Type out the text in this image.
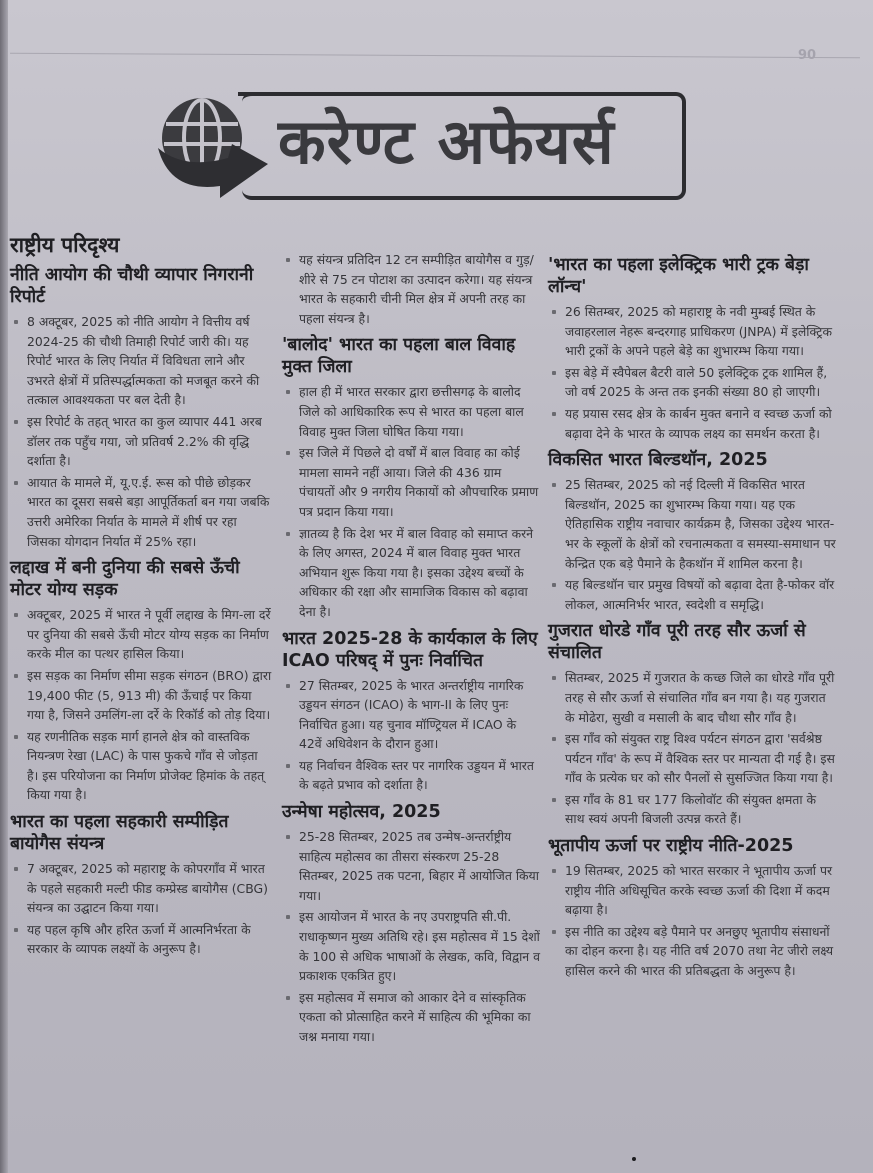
90
करेण्ट अफेयर्स
राष्ट्रीय परिदृश्य
नीति आयोग की चौथी व्यापार निगरानी रिपोर्ट
8 अक्टूबर, 2025 को नीति आयोग ने वित्तीय वर्ष 2024-25 की चौथी तिमाही रिपोर्ट जारी की। यह रिपोर्ट भारत के लिए निर्यात में विविधता लाने और उभरते क्षेत्रों में प्रतिस्पर्द्धात्मकता को मजबूत करने की तत्काल आवश्यकता पर बल देती है।
इस रिपोर्ट के तहत् भारत का कुल व्यापार 441 अरब डॉलर तक पहुँच गया, जो प्रतिवर्ष 2.2% की वृद्धि दर्शाता है।
आयात के मामले में, यू.ए.ई. रूस को पीछे छोड़कर भारत का दूसरा सबसे बड़ा आपूर्तिकर्ता बन गया जबकि उत्तरी अमेरिका निर्यात के मामले में शीर्ष पर रहा जिसका योगदान निर्यात में 25% रहा।
लद्दाख में बनी दुनिया की सबसे ऊँची मोटर योग्य सड़क
अक्टूबर, 2025 में भारत ने पूर्वी लद्दाख के मिग-ला दर्रे पर दुनिया की सबसे ऊँची मोटर योग्य सड़क का निर्माण करके मील का पत्थर हासिल किया।
इस सड़क का निर्माण सीमा सड़क संगठन (BRO) द्वारा 19,400 फीट (5, 913 मी) की ऊँचाई पर किया गया है, जिसने उमलिंग-ला दर्रे के रिकॉर्ड को तोड़ दिया।
यह रणनीतिक सड़क मार्ग हानले क्षेत्र को वास्तविक नियन्त्रण रेखा (LAC) के पास फुकचे गाँव से जोड़ता है। इस परियोजना का निर्माण प्रोजेक्ट हिमांक के तहत् किया गया है।
भारत का पहला सहकारी सम्पीड़ित बायोगैस संयन्त्र
7 अक्टूबर, 2025 को महाराष्ट्र के कोपरगाँव में भारत के पहले सहकारी मल्टी फीड कम्प्रेस्ड बायोगैस (CBG) संयन्त्र का उद्घाटन किया गया।
यह पहल कृषि और हरित ऊर्जा में आत्मनिर्भरता के सरकार के व्यापक लक्ष्यों के अनुरूप है।
यह संयन्त्र प्रतिदिन 12 टन सम्पीड़ित बायोगैस व गुड़/शीरे से 75 टन पोटाश का उत्पादन करेगा। यह संयन्त्र भारत के सहकारी चीनी मिल क्षेत्र में अपनी तरह का पहला संयन्त्र है।
'बालोद' भारत का पहला बाल विवाह मुक्त जिला
हाल ही में भारत सरकार द्वारा छत्तीसगढ़ के बालोद जिले को आधिकारिक रूप से भारत का पहला बाल विवाह मुक्त जिला घोषित किया गया।
इस जिले में पिछले दो वर्षों में बाल विवाह का कोई मामला सामने नहीं आया। जिले की 436 ग्राम पंचायतों और 9 नगरीय निकायों को औपचारिक प्रमाण पत्र प्रदान किया गया।
ज्ञातव्य है कि देश भर में बाल विवाह को समाप्त करने के लिए अगस्त, 2024 में बाल विवाह मुक्त भारत अभियान शुरू किया गया है। इसका उद्देश्य बच्चों के अधिकार की रक्षा और सामाजिक विकास को बढ़ावा देना है।
भारत 2025-28 के कार्यकाल के लिए ICAO परिषद् में पुनः निर्वाचित
27 सितम्बर, 2025 के भारत अन्तर्राष्ट्रीय नागरिक उड्डयन संगठन (ICAO) के भाग-II के लिए पुनः निर्वाचित हुआ। यह चुनाव मॉण्ट्रियल में ICAO के 42वें अधिवेशन के दौरान हुआ।
यह निर्वाचन वैश्विक स्तर पर नागरिक उड्डयन में भारत के बढ़ते प्रभाव को दर्शाता है।
उन्मेषा महोत्सव, 2025
25-28 सितम्बर, 2025 तब उन्मेष-अन्तर्राष्ट्रीय साहित्य महोत्सव का तीसरा संस्करण 25-28 सितम्बर, 2025 तक पटना, बिहार में आयोजित किया गया।
इस आयोजन में भारत के नए उपराष्ट्रपति सी.पी. राधाकृष्णन मुख्य अतिथि रहे। इस महोत्सव में 15 देशों के 100 से अधिक भाषाओं के लेखक, कवि, विद्वान व प्रकाशक एकत्रित हुए।
इस महोत्सव में समाज को आकार देने व सांस्कृतिक एकता को प्रोत्साहित करने में साहित्य की भूमिका का जश्न मनाया गया।
'भारत का पहला इलेक्ट्रिक भारी ट्रक बेड़ा लॉन्च'
26 सितम्बर, 2025 को महाराष्ट्र के नवी मुम्बई स्थित के जवाहरलाल नेहरू बन्दरगाह प्राधिकरण (JNPA) में इलेक्ट्रिक भारी ट्रकों के अपने पहले बेड़े का शुभारम्भ किया गया।
इस बेड़े में स्वैपेबल बैटरी वाले 50 इलेक्ट्रिक ट्रक शामिल हैं, जो वर्ष 2025 के अन्त तक इनकी संख्या 80 हो जाएगी।
यह प्रयास रसद क्षेत्र के कार्बन मुक्त बनाने व स्वच्छ ऊर्जा को बढ़ावा देने के भारत के व्यापक लक्ष्य का समर्थन करता है।
विकसित भारत बिल्डथॉन, 2025
25 सितम्बर, 2025 को नई दिल्ली में विकसित भारत बिल्डथॉन, 2025 का शुभारम्भ किया गया। यह एक ऐतिहासिक राष्ट्रीय नवाचार कार्यक्रम है, जिसका उद्देश्य भारत-भर के स्कूलों के क्षेत्रों को रचनात्मकता व समस्या-समाधान पर केन्द्रित एक बड़े पैमाने के हैकथॉन में शामिल करना है।
यह बिल्डथॉन चार प्रमुख विषयों को बढ़ावा देता है-फोकर वॉर लोकल, आत्मनिर्भर भारत, स्वदेशी व समृद्धि।
गुजरात धोरडे गाँव पूरी तरह सौर ऊर्जा से संचालित
सितम्बर, 2025 में गुजरात के कच्छ जिले का धोरडे गाँव पूरी तरह से सौर ऊर्जा से संचालित गाँव बन गया है। यह गुजरात के मोढेरा, सुखी व मसाली के बाद चौथा सौर गाँव है।
इस गाँव को संयुक्त राष्ट्र विश्व पर्यटन संगठन द्वारा 'सर्वश्रेष्ठ पर्यटन गाँव' के रूप में वैश्विक स्तर पर मान्यता दी गई है। इस गाँव के प्रत्येक घर को सौर पैनलों से सुसज्जित किया गया है।
इस गाँव के 81 घर 177 किलोवॉट की संयुक्त क्षमता के साथ स्वयं अपनी बिजली उत्पन्न करते हैं।
भूतापीय ऊर्जा पर राष्ट्रीय नीति-2025
19 सितम्बर, 2025 को भारत सरकार ने भूतापीय ऊर्जा पर राष्ट्रीय नीति अधिसूचित करके स्वच्छ ऊर्जा की दिशा में कदम बढ़ाया है।
इस नीति का उद्देश्य बड़े पैमाने पर अनछुए भूतापीय संसाधनों का दोहन करना है। यह नीति वर्ष 2070 तथा नेट जीरो लक्ष्य हासिल करने की भारत की प्रतिबद्धता के अनुरूप है।
